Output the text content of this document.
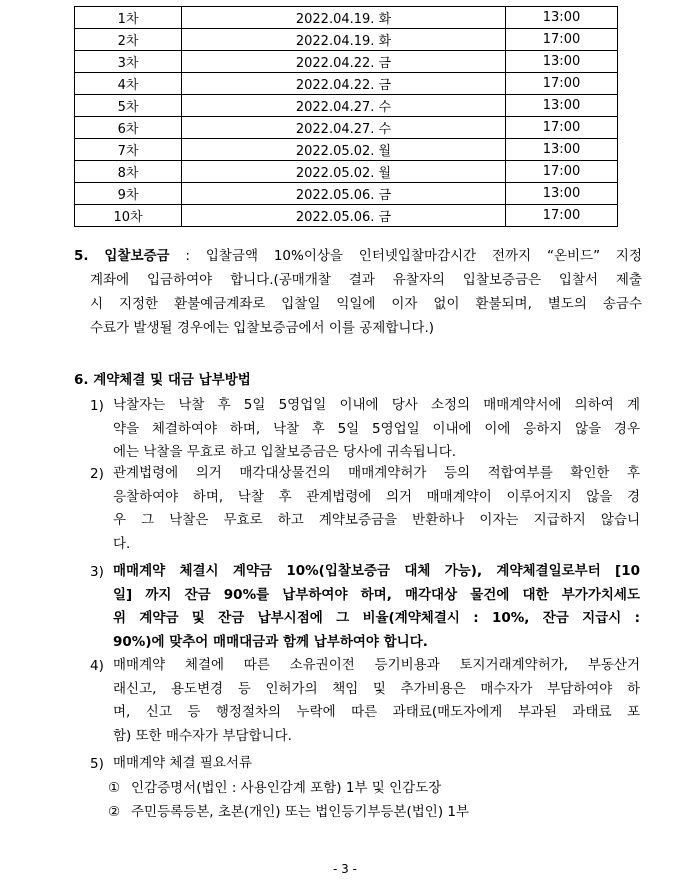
1차	2022.04.19. 화	13:00
2차	2022.04.19. 화	17:00
3차	2022.04.22. 금	13:00
4차	2022.04.22. 금	17:00
5차	2022.04.27. 수	13:00
6차	2022.04.27. 수	17:00
7차	2022.05.02. 월	13:00
8차	2022.05.02. 월	17:00
9차	2022.05.06. 금	13:00
10차	2022.05.06. 금	17:00
5. 입찰보증금 : 입찰금액 10%이상을 인터넷입찰마감시간 전까지 “온비드” 지정
계좌에 입금하여야 합니다.(공매개찰 결과 유찰자의 입찰보증금은 입찰서 제출
시 지정한 환불예금계좌로 입찰일 익일에 이자 없이 환불되며, 별도의 송금수
수료가 발생될 경우에는 입찰보증금에서 이를 공제합니다.)
6. 계약체결 및 대금 납부방법
1) 낙찰자는 낙찰 후 5일 5영업일 이내에 당사 소정의 매매계약서에 의하여 계
약을 체결하여야 하며, 낙찰 후 5일 5영업일 이내에 이에 응하지 않을 경우
에는 낙찰을 무효로 하고 입찰보증금은 당사에 귀속됩니다.
2) 관계법령에 의거 매각대상물건의 매매계약허가 등의 적합여부를 확인한 후
응찰하여야 하며, 낙찰 후 관계법령에 의거 매매계약이 이루어지지 않을 경
우 그 낙찰은 무효로 하고 계약보증금을 반환하나 이자는 지급하지 않습니
다.
3) 매매계약 체결시 계약금 10%(입찰보증금 대체 가능), 계약체결일로부터 [10
일] 까지 잔금 90%를 납부하여야 하며, 매각대상 물건에 대한 부가가치세도
위 계약금 및 잔금 납부시점에 그 비율(계약체결시 : 10%, 잔금 지급시 :
90%)에 맞추어 매매대금과 함께 납부하여야 합니다.
4) 매매계약 체결에 따른 소유권이전 등기비용과 토지거래계약허가, 부동산거
래신고, 용도변경 등 인허가의 책임 및 추가비용은 매수자가 부담하여야 하
며, 신고 등 행정절차의 누락에 따른 과태료(매도자에게 부과된 과태료 포
함) 또한 매수자가 부담합니다.
5) 매매계약 체결 필요서류
① 인감증명서(법인 : 사용인감계 포함) 1부 및 인감도장
② 주민등록등본, 초본(개인) 또는 법인등기부등본(법인) 1부
- 3 -
